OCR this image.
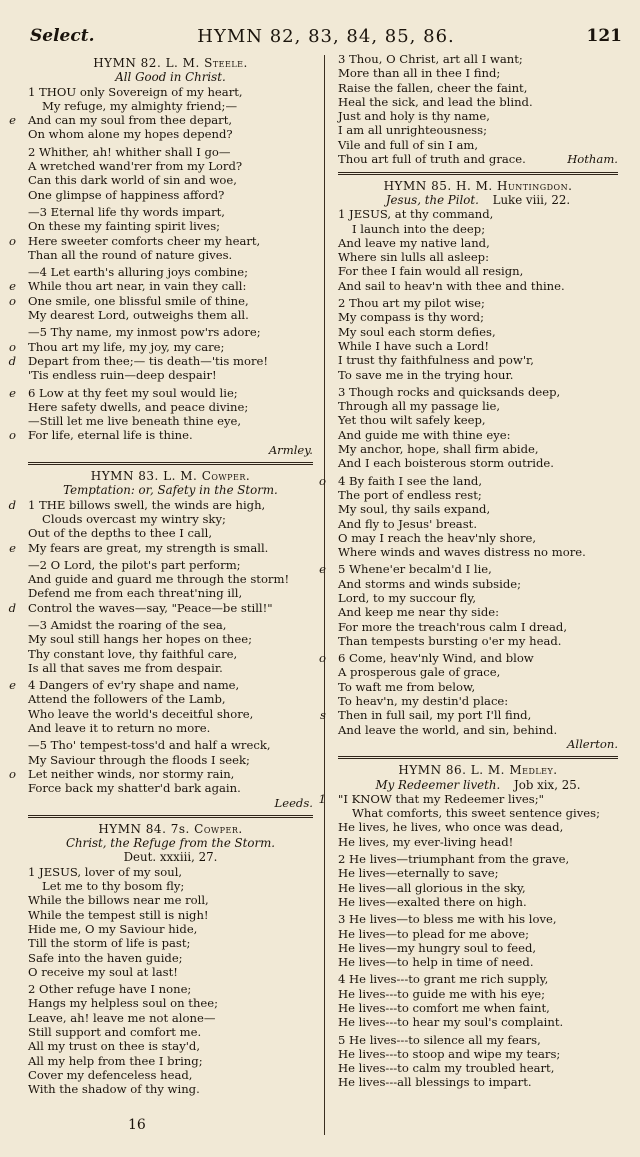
Select.	HYMN 82, 83, 84, 85, 86.	121
HYMN 82. L. M. Steele.
All Good in Christ.
1 THOU only Sovereign of my heart,
My refuge, my almighty friend;—
e And can my soul from thee depart,
On whom alone my hopes depend?
2 Whither, ah! whither shall I go—
A wretched wand'rer from my Lord?
Can this dark world of sin and woe,
One glimpse of happiness afford?
—3 Eternal life thy words impart,
On these my fainting spirit lives;
o Here sweeter comforts cheer my heart,
Than all the round of nature gives.
—4 Let earth's alluring joys combine;
e While thou art near, in vain they call:
o One smile, one blissful smile of thine,
My dearest Lord, outweighs them all.
—5 Thy name, my inmost pow'rs adore;
o Thou art my life, my joy, my care;
d Depart from thee;— tis death—'tis more!
'Tis endless ruin—deep despair!
e 6 Low at thy feet my soul would lie;
Here safety dwells, and peace divine;
—Still let me live beneath thine eye,
o For life, eternal life is thine.
Armley.
HYMN 83. L. M. Cowper.
Temptation: or, Safety in the Storm.
d 1 THE billows swell, the winds are high,
Clouds overcast my wintry sky;
Out of the depths to thee I call,
e My fears are great, my strength is small.
—2 O Lord, the pilot's part perform;
And guide and guard me through the storm!
Defend me from each threat'ning ill,
d Control the waves—say, "Peace—be still!"
—3 Amidst the roaring of the sea,
My soul still hangs her hopes on thee;
Thy constant love, thy faithful care,
Is all that saves me from despair.
e 4 Dangers of ev'ry shape and name,
Attend the followers of the Lamb,
Who leave the world's deceitful shore,
And leave it to return no more.
—5 Tho' tempest-toss'd and half a wreck,
My Saviour through the floods I seek;
o Let neither winds, nor stormy rain,
Force back my shatter'd bark again.
Leeds.
HYMN 84. 7s. Cowper.
Christ, the Refuge from the Storm.
Deut. xxxiii, 27.
1 JESUS, lover of my soul,
Let me to thy bosom fly;
While the billows near me roll,
While the tempest still is nigh!
Hide me, O my Saviour hide,
Till the storm of life is past;
Safe into the haven guide;
O receive my soul at last!
2 Other refuge have I none;
Hangs my helpless soul on thee;
Leave, ah! leave me not alone—
Still support and comfort me.
All my trust on thee is stay'd,
All my help from thee I bring;
Cover my defenceless head,
With the shadow of thy wing.
3 Thou, O Christ, art all I want;
More than all in thee I find;
Raise the fallen, cheer the faint,
Heal the sick, and lead the blind.
Just and holy is thy name,
I am all unrighteousness;
Vile and full of sin I am,
Thou art full of truth and grace.	Hotham.
HYMN 85. H. M. Huntingdon.
Jesus, the Pilot. Luke viii, 22.
1 JESUS, at thy command,
I launch into the deep;
And leave my native land,
Where sin lulls all asleep:
For thee I fain would all resign,
And sail to heav'n with thee and thine.
2 Thou art my pilot wise;
My compass is thy word;
My soul each storm defies,
While I have such a Lord!
I trust thy faithfulness and pow'r,
To save me in the trying hour.
3 Though rocks and quicksands deep,
Through all my passage lie,
Yet thou wilt safely keep,
And guide me with thine eye:
My anchor, hope, shall firm abide,
And I each boisterous storm outride.
o 4 By faith I see the land,
The port of endless rest;
My soul, thy sails expand,
And fly to Jesus' breast.
O may I reach the heav'nly shore,
Where winds and waves distress no more.
e 5 Whene'er becalm'd I lie,
And storms and winds subside;
Lord, to my succour fly,
And keep me near thy side:
For more the treach'rous calm I dread,
Than tempests bursting o'er my head.
o 6 Come, heav'nly Wind, and blow
A prosperous gale of grace,
To waft me from below,
To heav'n, my destin'd place:
s Then in full sail, my port I'll find,
And leave the world, and sin, behind.
Allerton.
HYMN 86. L. M. Medley.
My Redeemer liveth. Job xix, 25.
1 "I KNOW that my Redeemer lives;"
What comforts, this sweet sentence gives;
He lives, he lives, who once was dead,
He lives, my ever-living head!
2 He lives—triumphant from the grave,
He lives—eternally to save;
He lives—all glorious in the sky,
He lives—exalted there on high.
3 He lives—to bless me with his love,
He lives—to plead for me above;
He lives—my hungry soul to feed,
He lives—to help in time of need.
4 He lives---to grant me rich supply,
He lives---to guide me with his eye;
He lives---to comfort me when faint,
He lives---to hear my soul's complaint.
5 He lives---to silence all my fears,
He lives---to stoop and wipe my tears;
He lives---to calm my troubled heart,
He lives---all blessings to impart.
16
